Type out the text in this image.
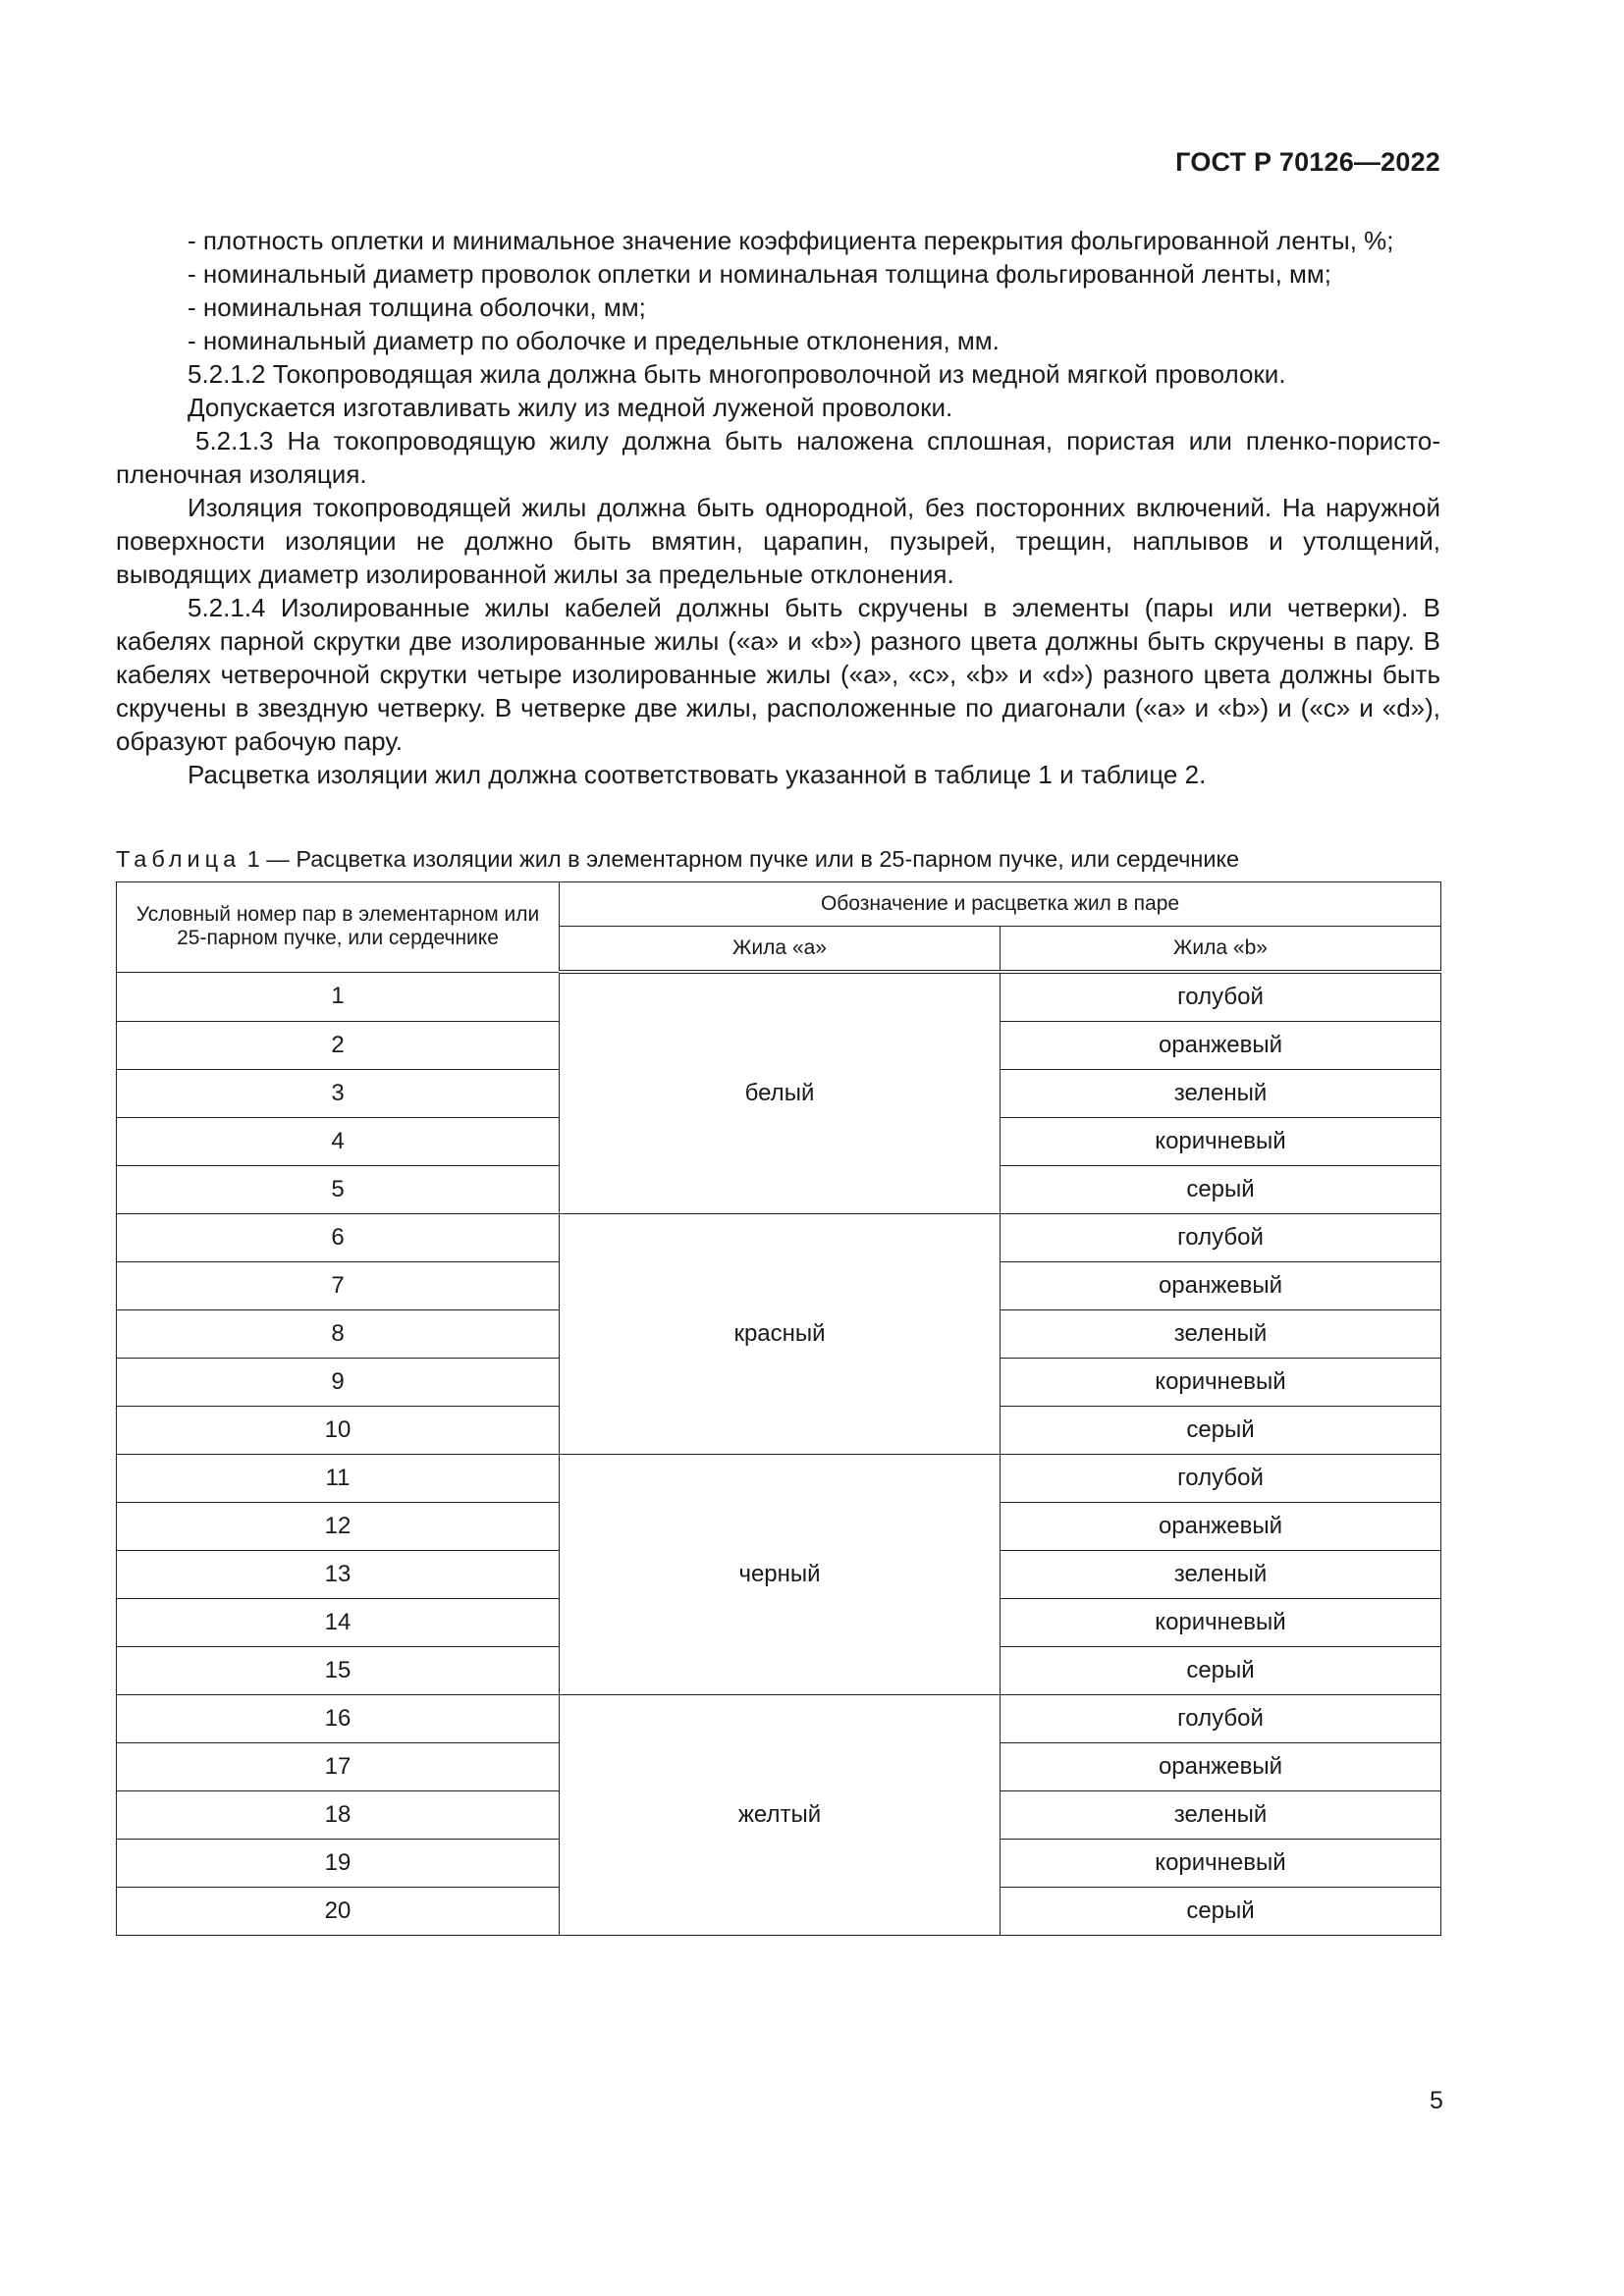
ГОСТ Р 70126—2022

- плотность оплетки и минимальное значение коэффициента перекрытия фольгированной ленты, %;

- номинальный диаметр проволок оплетки и номинальная толщина фольгированной ленты, мм;

- номинальная толщина оболочки, мм;

- номинальный диаметр по оболочке и предельные отклонения, мм.

5.2.1.2 Токопроводящая жила должна быть многопроволочной из медной мягкой проволоки.

Допускается изготавливать жилу из медной луженой проволоки.

5.2.1.3 На токопроводящую жилу должна быть наложена сплошная, пористая или пленко-пористо-пленочная изоляция.

Изоляция токопроводящей жилы должна быть однородной, без посторонних включений. На наружной поверхности изоляции не должно быть вмятин, царапин, пузырей, трещин, наплывов и утолщений, выводящих диаметр изолированной жилы за предельные отклонения.

5.2.1.4 Изолированные жилы кабелей должны быть скручены в элементы (пары или четверки). В кабелях парной скрутки две изолированные жилы («а» и «b») разного цвета должны быть скручены в пару. В кабелях четверочной скрутки четыре изолированные жилы («а», «с», «b» и «d») разного цвета должны быть скручены в звездную четверку. В четверке две жилы, расположенные по диагонали («а» и «b») и («с» и «d»), образуют рабочую пару.

Расцветка изоляции жил должна соответствовать указанной в таблице 1 и таблице 2.

Таблица 1 — Расцветка изоляции жил в элементарном пучке или в 25-парном пучке, или сердечнике
Условный номер пар в элементарном или 25-парном пучке, или сердечнике	Обозначение и расцветка жил в паре	
	Жила «а»	Жила «b»
1	белый	голубой
2		оранжевый
3		зеленый
4		коричневый
5		серый
6	красный	голубой
7		оранжевый
8		зеленый
9		коричневый
10		серый
11	черный	голубой
12		оранжевый
13		зеленый
14		коричневый
15		серый
16	желтый	голубой
17		оранжевый
18		зеленый
19		коричневый
20		серый
5
